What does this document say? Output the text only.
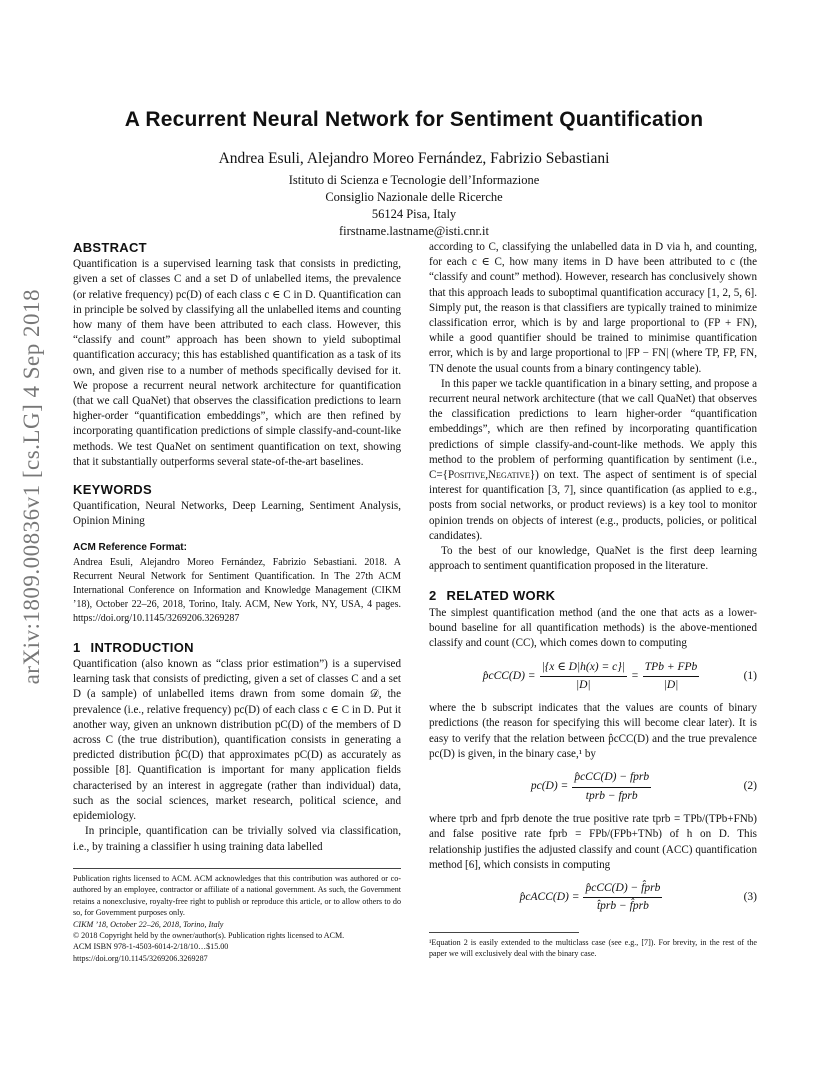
arXiv:1809.00836v1 [cs.LG] 4 Sep 2018
A Recurrent Neural Network for Sentiment Quantification
Andrea Esuli, Alejandro Moreo Fernández, Fabrizio Sebastiani
Istituto di Scienza e Tecnologie dell’Informazione
Consiglio Nazionale delle Ricerche
56124 Pisa, Italy
firstname.lastname@isti.cnr.it
ABSTRACT

Quantification is a supervised learning task that consists in predicting, given a set of classes C and a set D of unlabelled items, the prevalence (or relative frequency) pc(D) of each class c ∈ C in D. Quantification can in principle be solved by classifying all the unlabelled items and counting how many of them have been attributed to each class. However, this “classify and count” approach has been shown to yield suboptimal quantification accuracy; this has established quantification as a task of its own, and given rise to a number of methods specifically devised for it. We propose a recurrent neural network architecture for quantification (that we call QuaNet) that observes the classification predictions to learn higher-order “quantification embeddings”, which are then refined by incorporating quantification predictions of simple classify-and-count-like methods. We test QuaNet on sentiment quantification on text, showing that it substantially outperforms several state-of-the-art baselines.

KEYWORDS

Quantification, Neural Networks, Deep Learning, Sentiment Analysis, Opinion Mining

ACM Reference Format:

Andrea Esuli, Alejandro Moreo Fernández, Fabrizio Sebastiani. 2018. A Recurrent Neural Network for Sentiment Quantification. In The 27th ACM International Conference on Information and Knowledge Management (CIKM ’18), October 22–26, 2018, Torino, Italy. ACM, New York, NY, USA, 4 pages. https://doi.org/10.1145/3269206.3269287

1 INTRODUCTION

Quantification (also known as “class prior estimation”) is a supervised learning task that consists of predicting, given a set of classes C and a set D (a sample) of unlabelled items drawn from some domain 𝒟, the prevalence (i.e., relative frequency) pc(D) of each class c ∈ C in D. Put it another way, given an unknown distribution pC(D) of the members of D across C (the true distribution), quantification consists in generating a predicted distribution p̂C(D) that approximates pC(D) as accurately as possible [8]. Quantification is important for many application fields characterised by an interest in aggregate (rather than individual) data, such as the social sciences, market research, political science, and epidemiology.

In principle, quantification can be trivially solved via classification, i.e., by training a classifier h using training data labelled

Publication rights licensed to ACM. ACM acknowledges that this contribution was authored or co-authored by an employee, contractor or affiliate of a national government. As such, the Government retains a nonexclusive, royalty-free right to publish or reproduce this article, or to allow others to do so, for Government purposes only.

CIKM ’18, October 22–26, 2018, Torino, Italy
© 2018 Copyright held by the owner/author(s). Publication rights licensed to ACM.
ACM ISBN 978-1-4503-6014-2/18/10…$15.00
https://doi.org/10.1145/3269206.3269287

according to C, classifying the unlabelled data in D via h, and counting, for each c ∈ C, how many items in D have been attributed to c (the “classify and count” method). However, research has conclusively shown that this approach leads to suboptimal quantification accuracy [1, 2, 5, 6]. Simply put, the reason is that classifiers are typically trained to minimize classification error, which is by and large proportional to (FP + FN), while a good quantifier should be trained to minimise quantification error, which is by and large proportional to |FP − FN| (where TP, FP, FN, TN denote the usual counts from a binary contingency table).

In this paper we tackle quantification in a binary setting, and propose a recurrent neural network architecture (that we call QuaNet) that observes the classification predictions to learn higher-order “quantification embeddings”, which are then refined by incorporating quantification predictions of simple classify-and-count-like methods. We apply this method to the problem of performing quantification by sentiment (i.e., C={Positive,Negative}) on text. The aspect of sentiment is of special interest for quantification [3, 7], since quantification (as applied to e.g., posts from social networks, or product reviews) is a key tool to monitor opinion trends on objects of interest (e.g., products, policies, or political candidates).

To the best of our knowledge, QuaNet is the first deep learning approach to sentiment quantification proposed in the literature.

2 RELATED WORK

The simplest quantification method (and the one that acts as a lower-bound baseline for all quantification methods) is the above-mentioned classify and count (CC), which comes down to computing

p̂cCC(D) = $\frac{|\{x \in D|h(x) = c\}|}{|D|} = \frac{\text{TPb + FPb}}{|D|}$	(1)

where the b subscript indicates that the values are counts of binary predictions (the reason for specifying this will become clear later). It is easy to verify that the relation between p̂cCC(D) and the true prevalence pc(D) is given, in the binary case,¹ by

$pc(D) = \frac{\text{p̂cCC(D) − fprb}}{\text{tprb − fprb}}$	(2)

where tprb and fprb denote the true positive rate tprb = TPb/(TPb+FNb) and false positive rate fprb = FPb/(FPb+TNb) of h on D. This relationship justifies the adjusted classify and count (ACC) quantification method [6], which consists in computing

p̂cACC(D) = $\frac{\text{p̂cCC(D) − f̂prb}}{\text{t̂prb − f̂prb}}$	(3)

¹Equation 2 is easily extended to the multiclass case (see e.g., [7]). For brevity, in the rest of the paper we will exclusively deal with the binary case.
